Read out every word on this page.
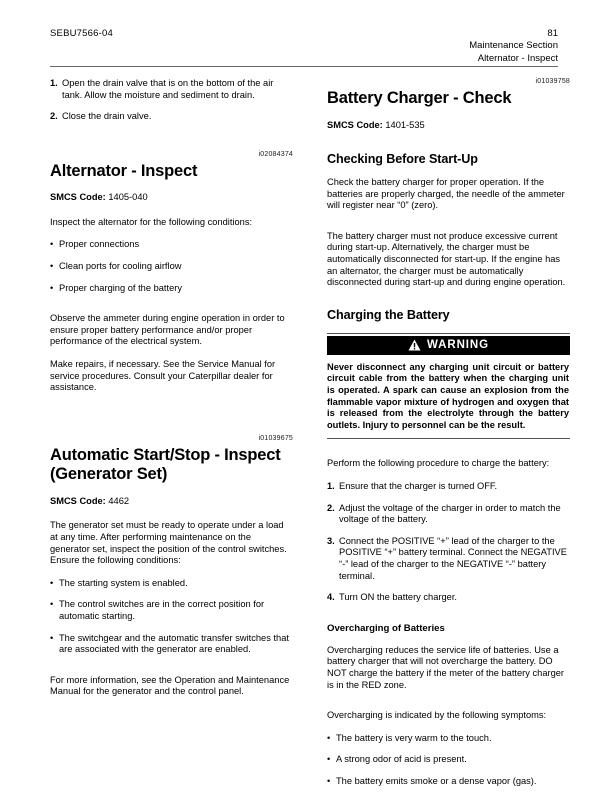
SEBU7566-04	81
Maintenance Section
Alternator - Inspect
1. Open the drain valve that is on the bottom of the air tank. Allow the moisture and sediment to drain.
2. Close the drain valve.
i02084374
Alternator - Inspect

SMCS Code: 1405-040

Inspect the alternator for the following conditions:

• Proper connections
• Clean ports for cooling airflow
• Proper charging of the battery

Observe the ammeter during engine operation in order to ensure proper battery performance and/or proper performance of the electrical system.

Make repairs, if necessary. See the Service Manual for service procedures. Consult your Caterpillar dealer for assistance.

i01039675
Automatic Start/Stop - Inspect (Generator Set)

SMCS Code: 4462

The generator set must be ready to operate under a load at any time. After performing maintenance on the generator set, inspect the position of the control switches. Ensure the following conditions:

• The starting system is enabled.
• The control switches are in the correct position for automatic starting.
• The switchgear and the automatic transfer switches that are associated with the generator are enabled.

For more information, see the Operation and Maintenance Manual for the generator and the control panel.

i01039758
Battery Charger - Check

SMCS Code: 1401-535

Checking Before Start-Up

Check the battery charger for proper operation. If the batteries are properly charged, the needle of the ammeter will register near “0” (zero).

The battery charger must not produce excessive current during start-up. Alternatively, the charger must be automatically disconnected for start-up. If the engine has an alternator, the charger must be automatically disconnected during start-up and during engine operation.

Charging the Battery
WARNING

Never disconnect any charging unit circuit or battery circuit cable from the battery when the charging unit is operated. A spark can cause an explosion from the flammable vapor mixture of hydrogen and oxygen that is released from the electrolyte through the battery outlets. Injury to personnel can be the result.

Perform the following procedure to charge the battery:

1. Ensure that the charger is turned OFF.
2. Adjust the voltage of the charger in order to match the voltage of the battery.
3. Connect the POSITIVE “+” lead of the charger to the POSITIVE “+” battery terminal. Connect the NEGATIVE “-” lead of the charger to the NEGATIVE “-” battery terminal.
4. Turn ON the battery charger.
Overcharging of Batteries

Overcharging reduces the service life of batteries. Use a battery charger that will not overcharge the battery. DO NOT charge the battery if the meter of the battery charger is in the RED zone.

Overcharging is indicated by the following symptoms:

• The battery is very warm to the touch.
• A strong odor of acid is present.
• The battery emits smoke or a dense vapor (gas).
